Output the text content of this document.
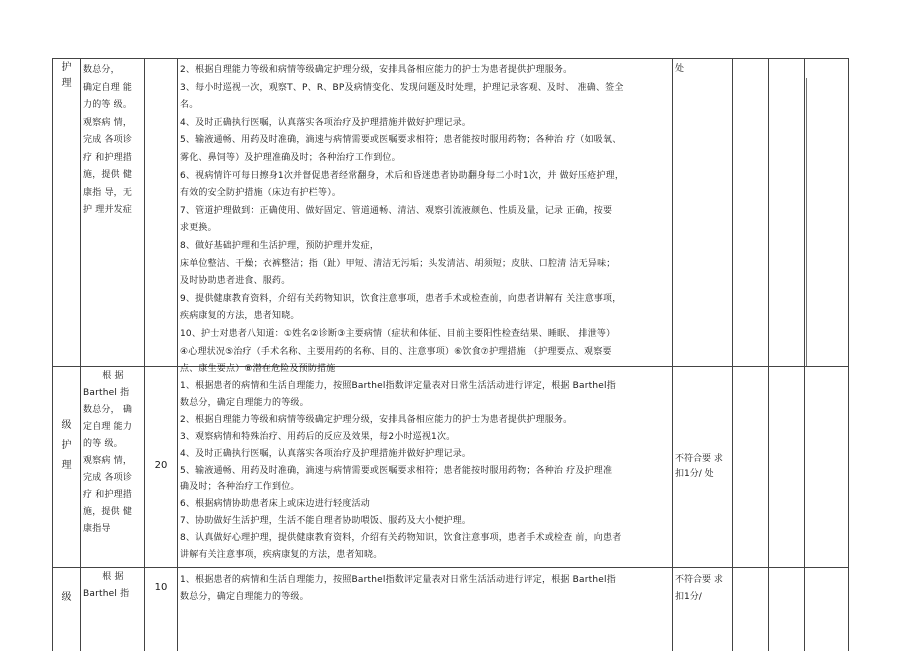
护
理

数总分，

确定自理 能

力的等 级。

观察病 情，

完成 各项诊

疗 和护理措

施，提供 健

康指 导，无

护 理并发症

2、根据自理能力等级和病情等级确定护理分级，安排具备相应能力的护士为患者提供护理服务。

3、每小时巡视一次，观察T、P、R、BP及病情变化、发现问题及时处理，护理记录客观、及时、 准确、签全

名。

4、及时正确执行医嘱，认真落实各项治疗及护理措施并做好护理记录。

5、输液通畅、用药及时准确，滴速与病情需要或医嘱要求相符；患者能按时服用药物；各种治 疗（如吸氧、

雾化、鼻饲等）及护理准确及时；各种治疗工作到位。

6、视病情许可每日擦身1次并督促患者经常翻身，术后和昏迷患者协助翻身每二小时1次，并 做好压疮护理，

有效的安全防护措施（床边有护栏等）。

7、管道护理做到：正确使用、做好固定、管道通畅、清洁、观察引流液颜色、性质及量，记录 正确，按要

求更换。

8、做好基础护理和生活护理，预防护理并发症，

床单位整洁、干燥；衣裤整洁；指（趾）甲短、清洁无污垢；头发清洁、胡须短；皮肤、口腔清 洁无异味；

及时协助患者进食、服药。

9、提供健康教育资料，介绍有关药物知识，饮食注意事项，患者手术或检查前，向患者讲解有 关注意事项，

疾病康复的方法，患者知晓。

10、护士对患者八知道：①姓名②诊断③主要病情（症状和体征、目前主要阳性检查结果、睡眠、 排泄等）

④心理状况⑤治疗（手术名称、主要用药的名称、目的、注意事项）⑥饮食⑦护理措施 （护理要点、观察要

点、康生要点）⑧潜在危险及预防措施

处
级
护
理

根 据

Barthel 指

数总分， 确

定自理 能力

的等 级。

观察病 情，

完成 各项诊

疗 和护理措

施，提供 健

康指导

20

1、根据患者的病情和生活自理能力，按照Barthel指数评定量表对日常生活活动进行评定，根据 Barthel指

数总分，确定自理能力的等级。

2、根据自理能力等级和病情等级确定护理分级，安排具备相应能力的护士为患者提供护理服务。

3、观察病情和特殊治疗、用药后的反应及效果，每2小时巡视1次。

4、及时正确执行医嘱，认真落实各项治疗及护理措施并做好护理记录。

5、输液通畅、用药及时准确，滴速与病情需要或医嘱要求相符；患者能按时服用药物；各种治 疗及护理准

确及时；各种治疗工作到位。

6、根据病情协助患者床上或床边进行轻度活动

7、协助做好生活护理，生活不能自理者协助喂饭、服药及大小便护理。

8、认真做好心理护理，提供健康教育资料，介绍有关药物知识，饮食注意事项，患者手术或检查 前，向患者

讲解有关注意事项，疾病康复的方法，患者知晓。

不符合要 求

扣1分/ 处

级

根 据

Barthel 指

10

1、根据患者的病情和生活自理能力，按照Barthel指数评定量表对日常生活活动进行评定，根据 Barthel指

数总分，确定自理能力的等级。

不符合要 求

扣1分/
